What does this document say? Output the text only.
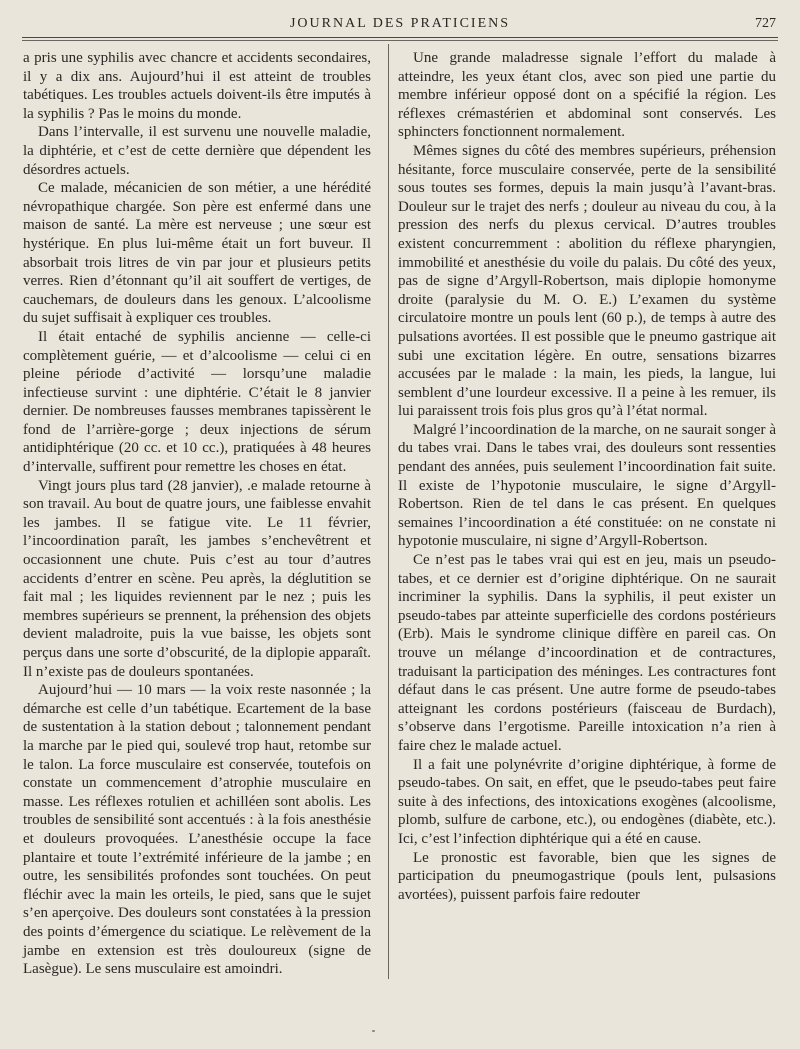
JOURNAL DES PRATICIENS	727

a pris une syphilis avec chancre et accidents secondaires, il y a dix ans. Aujourd’hui il est atteint de troubles tabétiques. Les troubles actuels doivent-ils être imputés à la syphilis ? Pas le moins du monde.

Dans l’intervalle, il est survenu une nouvelle maladie, la diphtérie, et c’est de cette dernière que dépendent les désordres actuels.

Ce malade, mécanicien de son métier, a une hérédité névropathique chargée. Son père est enfermé dans une maison de santé. La mère est nerveuse ; une sœur est hystérique. En plus lui-même était un fort buveur. Il absorbait trois litres de vin par jour et plusieurs petits verres. Rien d’étonnant qu’il ait souffert de vertiges, de cauchemars, de douleurs dans les genoux. L’alcoolisme du sujet suffisait à expliquer ces troubles.

Il était entaché de syphilis ancienne — celle-ci complètement guérie, — et d’alcoolisme — celui ci en pleine période d’activité — lorsqu’une maladie infectieuse survint : une diphtérie. C’était le 8 janvier dernier. De nombreuses fausses membranes tapissèrent le fond de l’arrière-gorge ; deux injections de sérum antidiphtérique (20 cc. et 10 cc.), pratiquées à 48 heures d’intervalle, suffirent pour remettre les choses en état.

Vingt jours plus tard (28 janvier), .e malade retourne à son travail. Au bout de quatre jours, une faiblesse envahit les jambes. Il se fatigue vite. Le 11 février, l’incoordination paraît, les jambes s’enchevêtrent et occasionnent une chute. Puis c’est au tour d’autres accidents d’entrer en scène. Peu après, la déglutition se fait mal ; les liquides reviennent par le nez ; puis les membres supérieurs se prennent, la préhension des objets devient maladroite, puis la vue baisse, les objets sont perçus dans une sorte d’obscurité, de la diplopie apparaît. Il n’existe pas de douleurs spontanées.

Aujourd’hui — 10 mars — la voix reste nasonnée ; la démarche est celle d’un tabétique. Ecartement de la base de sustentation à la station debout ; talonnement pendant la marche par le pied qui, soulevé trop haut, retombe sur le talon. La force musculaire est conservée, toutefois on constate un commencement d’atrophie musculaire en masse. Les réflexes rotulien et achilléen sont abolis. Les troubles de sensibilité sont accentués : à la fois anesthésie et douleurs provoquées. L’anesthésie occupe la face plantaire et toute l’extrémité inférieure de la jambe ; en outre, les sensibilités profondes sont touchées. On peut fléchir avec la main les orteils, le pied, sans que le sujet s’en aperçoive. Des douleurs sont constatées à la pression des points d’émergence du sciatique. Le relèvement de la jambe en extension est très douloureux (signe de Lasègue). Le sens musculaire est amoindri.

Une grande maladresse signale l’effort du malade à atteindre, les yeux étant clos, avec son pied une partie du membre inférieur opposé dont on a spécifié la région. Les réflexes crémastérien et abdominal sont conservés. Les sphincters fonctionnent normalement.

Mêmes signes du côté des membres supérieurs, préhension hésitante, force musculaire conservée, perte de la sensibilité sous toutes ses formes, depuis la main jusqu’à l’avant-bras. Douleur sur le trajet des nerfs ; douleur au niveau du cou, à la pression des nerfs du plexus cervical. D’autres troubles existent concurremment : abolition du réflexe pharyngien, immobilité et anesthésie du voile du palais. Du côté des yeux, pas de signe d’Argyll-Robertson, mais diplopie homonyme droite (paralysie du M. O. E.) L’examen du système circulatoire montre un pouls lent (60 p.), de temps à autre des pulsations avortées. Il est possible que le pneumo gastrique ait subi une excitation légère. En outre, sensations bizarres accusées par le malade : la main, les pieds, la langue, lui semblent d’une lourdeur excessive. Il a peine à les remuer, ils lui paraissent trois fois plus gros qu’à l’état normal.

Malgré l’incoordination de la marche, on ne saurait songer à du tabes vrai. Dans le tabes vrai, des douleurs sont ressenties pendant des années, puis seulement l’incoordination fait suite. Il existe de l’hypotonie musculaire, le signe d’Argyll-Robertson. Rien de tel dans le cas présent. En quelques semaines l’incoordination a été constituée: on ne constate ni hypotonie musculaire, ni signe d’Argyll-Robertson.

Ce n’est pas le tabes vrai qui est en jeu, mais un pseudo-tabes, et ce dernier est d’origine diphtérique. On ne saurait incriminer la syphilis. Dans la syphilis, il peut exister un pseudo-tabes par atteinte superficielle des cordons postérieurs (Erb). Mais le syndrome clinique diffère en pareil cas. On trouve un mélange d’incoordination et de contractures, traduisant la participation des méninges. Les contractures font défaut dans le cas présent. Une autre forme de pseudo-tabes atteignant les cordons postérieurs (faisceau de Burdach), s’observe dans l’ergotisme. Pareille intoxication n’a rien à faire chez le malade actuel.

Il a fait une polynévrite d’origine diphtérique, à forme de pseudo-tabes. On sait, en effet, que le pseudo-tabes peut faire suite à des infections, des intoxications exogènes (alcoolisme, plomb, sulfure de carbone, etc.), ou endogènes (diabète, etc.). Ici, c’est l’infection diphtérique qui a été en cause.

Le pronostic est favorable, bien que les signes de participation du pneumogastrique (pouls lent, pulsasions avortées), puissent parfois faire redouter
